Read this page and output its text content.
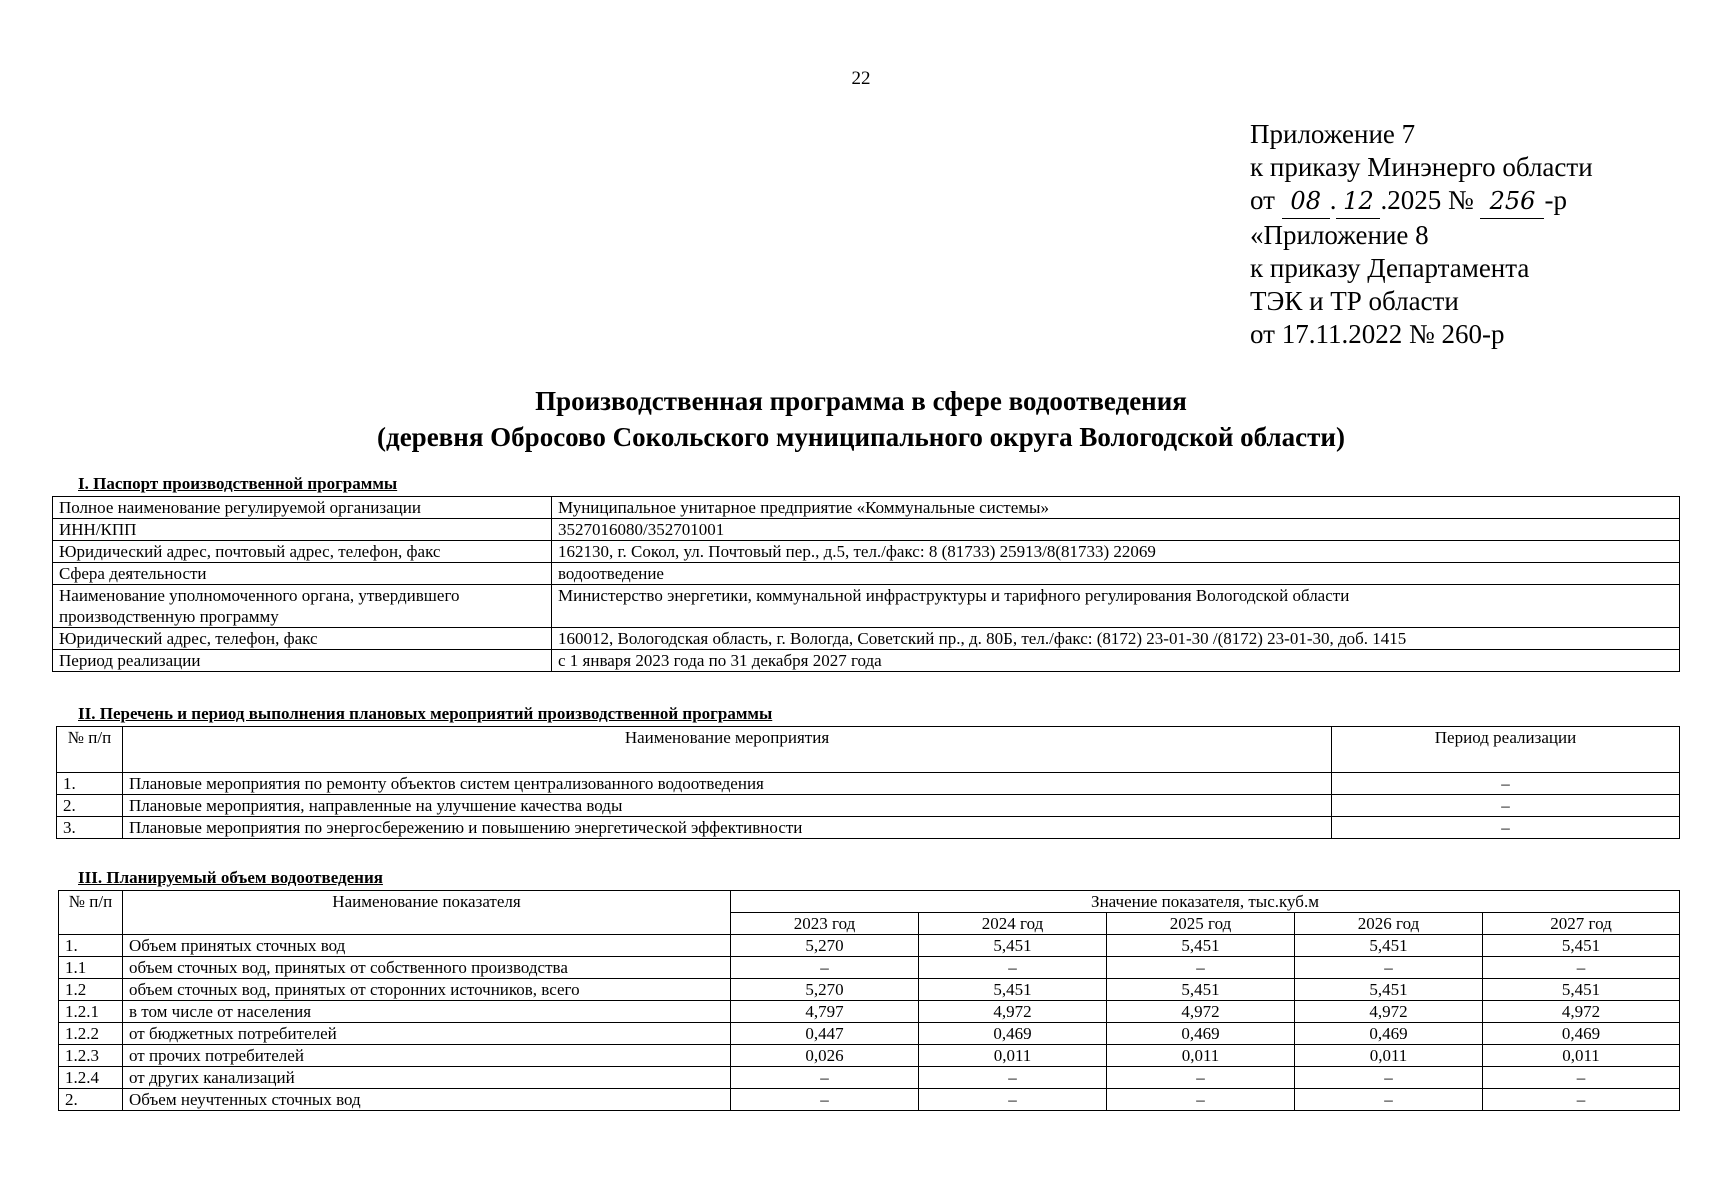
22
Приложение 7
к приказу Минэнерго области
от 08 . 12 .2025 № 256 -р
«Приложение 8
к приказу Департамента
ТЭК и ТР области
от 17.11.2022 № 260-р
Производственная программа в сфере водоотведения
(деревня Обросово Сокольского муниципального округа Вологодской области)
I. Паспорт производственной программы
Полное наименование регулируемой организации	Муниципальное унитарное предприятие «Коммунальные системы»
ИНН/КПП	3527016080/352701001
Юридический адрес, почтовый адрес, телефон, факс	162130, г. Сокол, ул. Почтовый пер., д.5, тел./факс: 8 (81733) 25913/8(81733) 22069
Сфера деятельности	водоотведение
Наименование уполномоченного органа, утвердившего производственную программу	Министерство энергетики, коммунальной инфраструктуры и тарифного регулирования Вологодской области
Юридический адрес, телефон, факс	160012, Вологодская область, г. Вологда, Советский пр., д. 80Б, тел./факс: (8172) 23-01-30 /(8172) 23-01-30, доб. 1415
Период реализации	с 1 января 2023 года по 31 декабря 2027 года
II. Перечень и период выполнения плановых мероприятий производственной программы
№ п/п	Наименование мероприятия	Период реализации
1.	Плановые мероприятия по ремонту объектов систем централизованного водоотведения	–
2.	Плановые мероприятия, направленные на улучшение качества воды	–
3.	Плановые мероприятия по энергосбережению и повышению энергетической эффективности	–
III. Планируемый объем водоотведения
№ п/п	Наименование показателя	Значение показателя, тыс.куб.м				
		2023 год	2024 год	2025 год	2026 год	2027 год
1.	Объем принятых сточных вод	5,270	5,451	5,451	5,451	5,451
1.1	объем сточных вод, принятых от собственного производства	–	–	–	–	–
1.2	объем сточных вод, принятых от сторонних источников, всего	5,270	5,451	5,451	5,451	5,451
1.2.1	в том числе от населения	4,797	4,972	4,972	4,972	4,972
1.2.2	от бюджетных потребителей	0,447	0,469	0,469	0,469	0,469
1.2.3	от прочих потребителей	0,026	0,011	0,011	0,011	0,011
1.2.4	от других канализаций	–	–	–	–	–
2.	Объем неучтенных сточных вод	–	–	–	–	–
